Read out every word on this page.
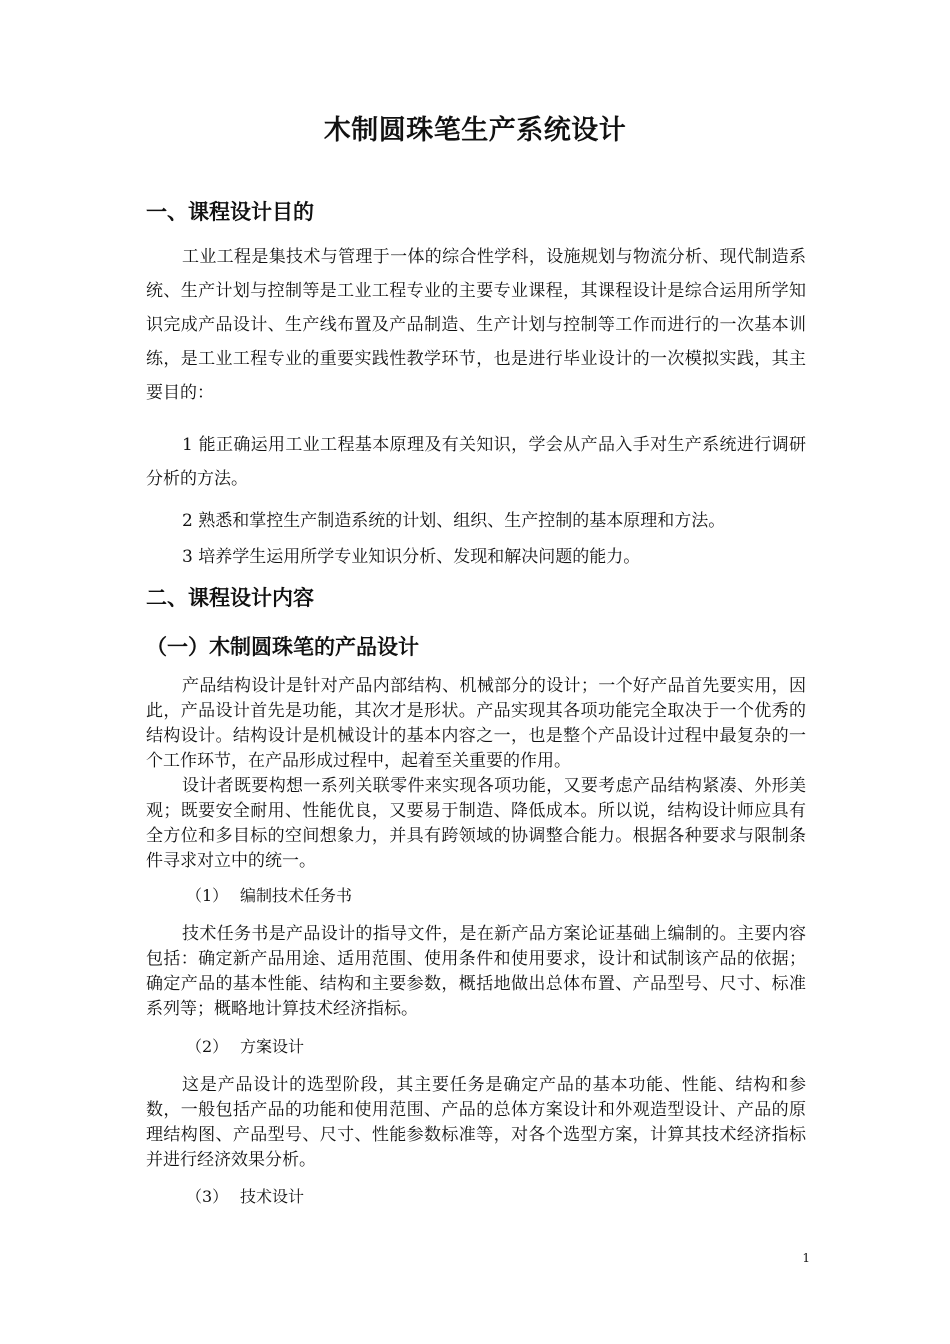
木制圆珠笔生产系统设计
一、课程设计目的

工业工程是集技术与管理于一体的综合性学科，设施规划与物流分析、现代制造系统、生产计划与控制等是工业工程专业的主要专业课程，其课程设计是综合运用所学知识完成产品设计、生产线布置及产品制造、生产计划与控制等工作而进行的一次基本训练，是工业工程专业的重要实践性教学环节，也是进行毕业设计的一次模拟实践，其主要目的：

1 能正确运用工业工程基本原理及有关知识，学会从产品入手对生产系统进行调研分析的方法。

2 熟悉和掌控生产制造系统的计划、组织、生产控制的基本原理和方法。

3 培养学生运用所学专业知识分析、发现和解决问题的能力。

二、课程设计内容
（一）木制圆珠笔的产品设计

产品结构设计是针对产品内部结构、机械部分的设计；一个好产品首先要实用，因此，产品设计首先是功能，其次才是形状。产品实现其各项功能完全取决于一个优秀的结构设计。结构设计是机械设计的基本内容之一，也是整个产品设计过程中最复杂的一个工作环节，在产品形成过程中，起着至关重要的作用。

设计者既要构想一系列关联零件来实现各项功能，又要考虑产品结构紧凑、外形美观；既要安全耐用、性能优良，又要易于制造、降低成本。所以说，结构设计师应具有全方位和多目标的空间想象力，并具有跨领域的协调整合能力。根据各种要求与限制条件寻求对立中的统一。

（1） 编制技术任务书

技术任务书是产品设计的指导文件，是在新产品方案论证基础上编制的。主要内容包括：确定新产品用途、适用范围、使用条件和使用要求，设计和试制该产品的依据；确定产品的基本性能、结构和主要参数，概括地做出总体布置、产品型号、尺寸、标准系列等；概略地计算技术经济指标。

（2） 方案设计

这是产品设计的选型阶段，其主要任务是确定产品的基本功能、性能、结构和参数，一般包括产品的功能和使用范围、产品的总体方案设计和外观造型设计、产品的原理结构图、产品型号、尺寸、性能参数标准等，对各个选型方案，计算其技术经济指标并进行经济效果分析。

（3） 技术设计
1
